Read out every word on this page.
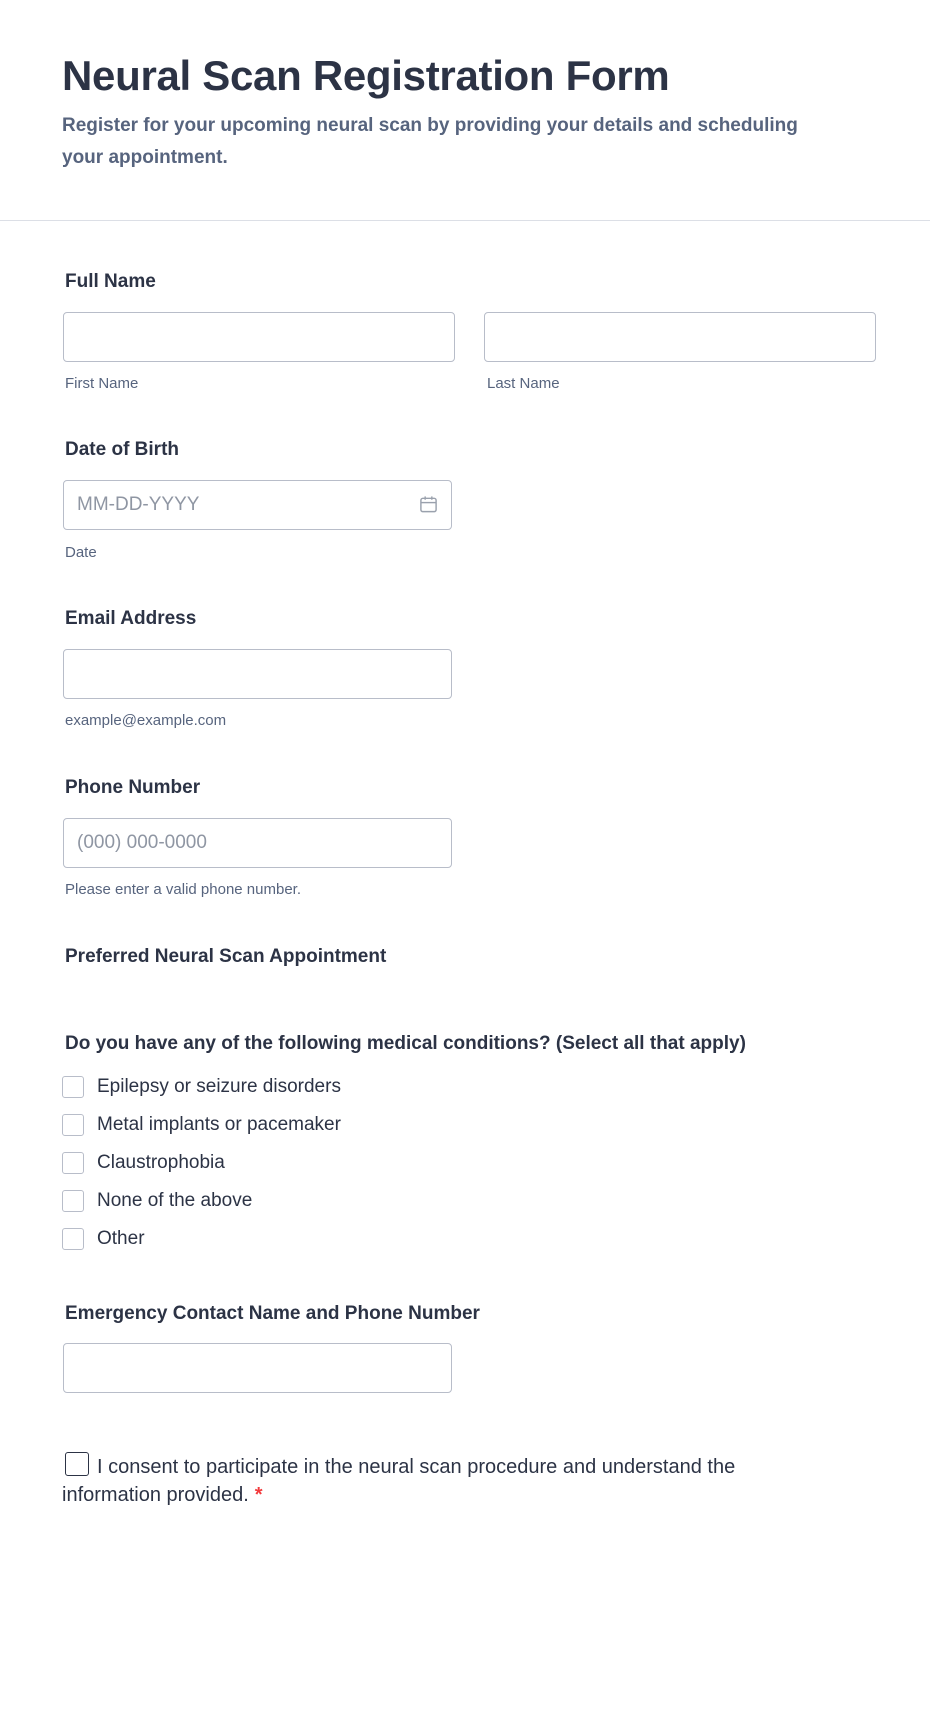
Neural Scan Registration Form
Register for your upcoming neural scan by providing your details and scheduling your appointment.
Full Name
First Name	Last Name
Date of Birth
MM-DD-YYYY
Date
Email Address
example@example.com
Phone Number
(000) 000-0000
Please enter a valid phone number.
Preferred Neural Scan Appointment
Do you have any of the following medical conditions? (Select all that apply)
Epilepsy or seizure disorders
Metal implants or pacemaker
Claustrophobia
None of the above
Other
Emergency Contact Name and Phone Number
I consent to participate in the neural scan procedure and understand the information provided. *
